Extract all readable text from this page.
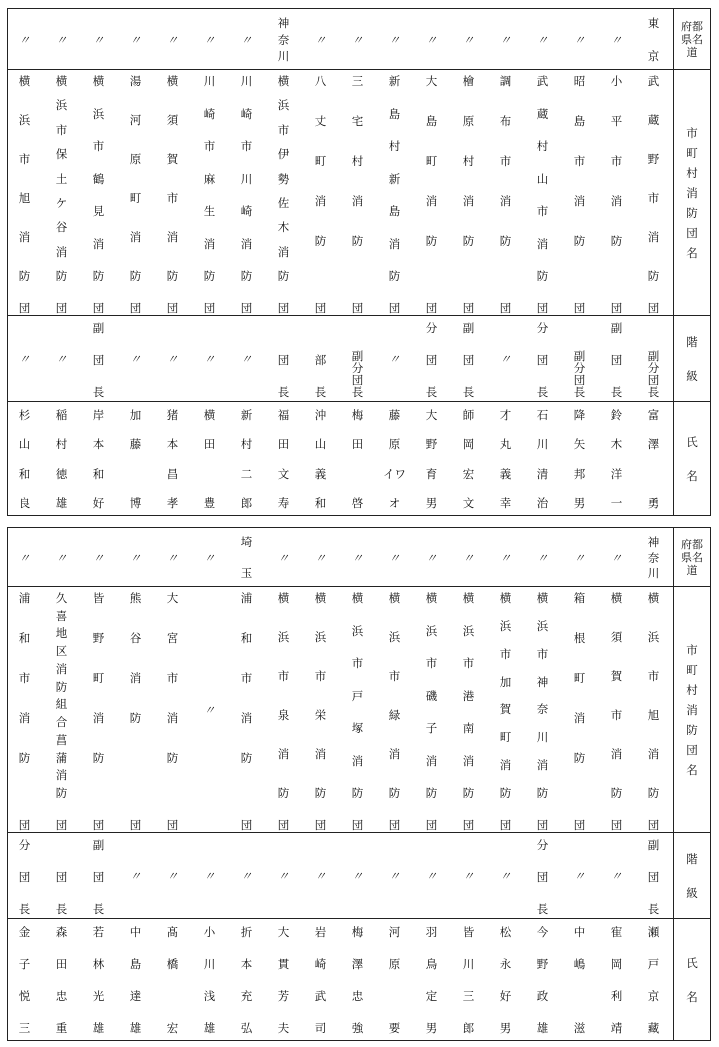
府都県名道
東
京
〃
〃
〃
〃
〃
〃
〃
〃
〃
神
奈
川
〃
〃
〃
〃
〃
〃
〃
市
町
村
消
防
団
名
団
武
蔵
野
市
消
防
団
小
平
市
消
防
団
昭
島
市
消
防
団
武
蔵
村
山
市
消
防
団
調
布
市
消
防
団
檜
原
村
消
防
団
大
島
町
消
防
団
新
島
村
新
島
消
防
団
三
宅
村
消
防
団
八
丈
町
消
防
団
横
浜
市
伊
勢
佐
木
消
防
団
川
崎
市
川
崎
消
防
団
川
崎
市
麻
生
消
防
団
横
須
賀
市
消
防
団
湯
河
原
町
消
防
団
横
浜
市
鶴
見
消
防
団
横
浜
市
保
土
ケ
谷
消
防
団
横
浜
市
旭
消
防
階
級
副
分
団
長
副
団
長
副
分
団
長
分
団
長
〃
副
団
長
分
団
長
〃
副
分
団
長
部
長
団
長
〃
〃
〃
〃
副
団
長
〃
〃
氏
名
富
澤
勇
鈴
木
洋
一
降
矢
邦
男
石
川
清
治
才
丸
義
幸
師
岡
宏
文
大
野
育
男
藤
原
イワ
オ
梅
田
啓
沖
山
義
和
福
田
文
寿
新
村
二
郎
横
田
豊
猪
本
昌
孝
加
藤
博
岸
本
和
好
稲
村
徳
雄
杉
山
和
良
府都県名道
神
奈
川
〃
〃
〃
〃
〃
〃
〃
〃
〃
〃
埼
玉
〃
〃
〃
〃
〃
〃
市
町
村
消
防
団
名
団
横
浜
市
旭
消
防
団
横
須
賀
市
消
防
団
箱
根
町
消
防
団
横
浜
市
神
奈
川
消
防
団
横
浜
市
加
賀
町
消
防
団
横
浜
市
港
南
消
防
団
横
浜
市
磯
子
消
防
団
横
浜
市
緑
消
防
団
横
浜
市
戸
塚
消
防
団
横
浜
市
栄
消
防
団
横
浜
市
泉
消
防
団
浦
和
市
消
防
〃
団
大
宮
市
消
防
団
熊
谷
消
防
団
皆
野
町
消
防
団
久
喜
地
区
消
防
組
合
菖
蒲
消
防
団
浦
和
市
消
防
階
級
副
団
長
〃
〃
分
団
長
〃
〃
〃
〃
〃
〃
〃
〃
〃
〃
〃
副
団
長
団
長
分
団
長
氏
名
瀬
戸
京
藏
寉
岡
利
靖
中
嶋
滋
今
野
政
雄
松
永
好
男
皆
川
三
郎
羽
鳥
定
男
河
原
要
梅
澤
忠
強
岩
崎
武
司
大
貫
芳
夫
折
本
充
弘
小
川
浅
雄
髙
橋
宏
中
島
達
雄
若
林
光
雄
森
田
忠
重
金
子
悦
三
